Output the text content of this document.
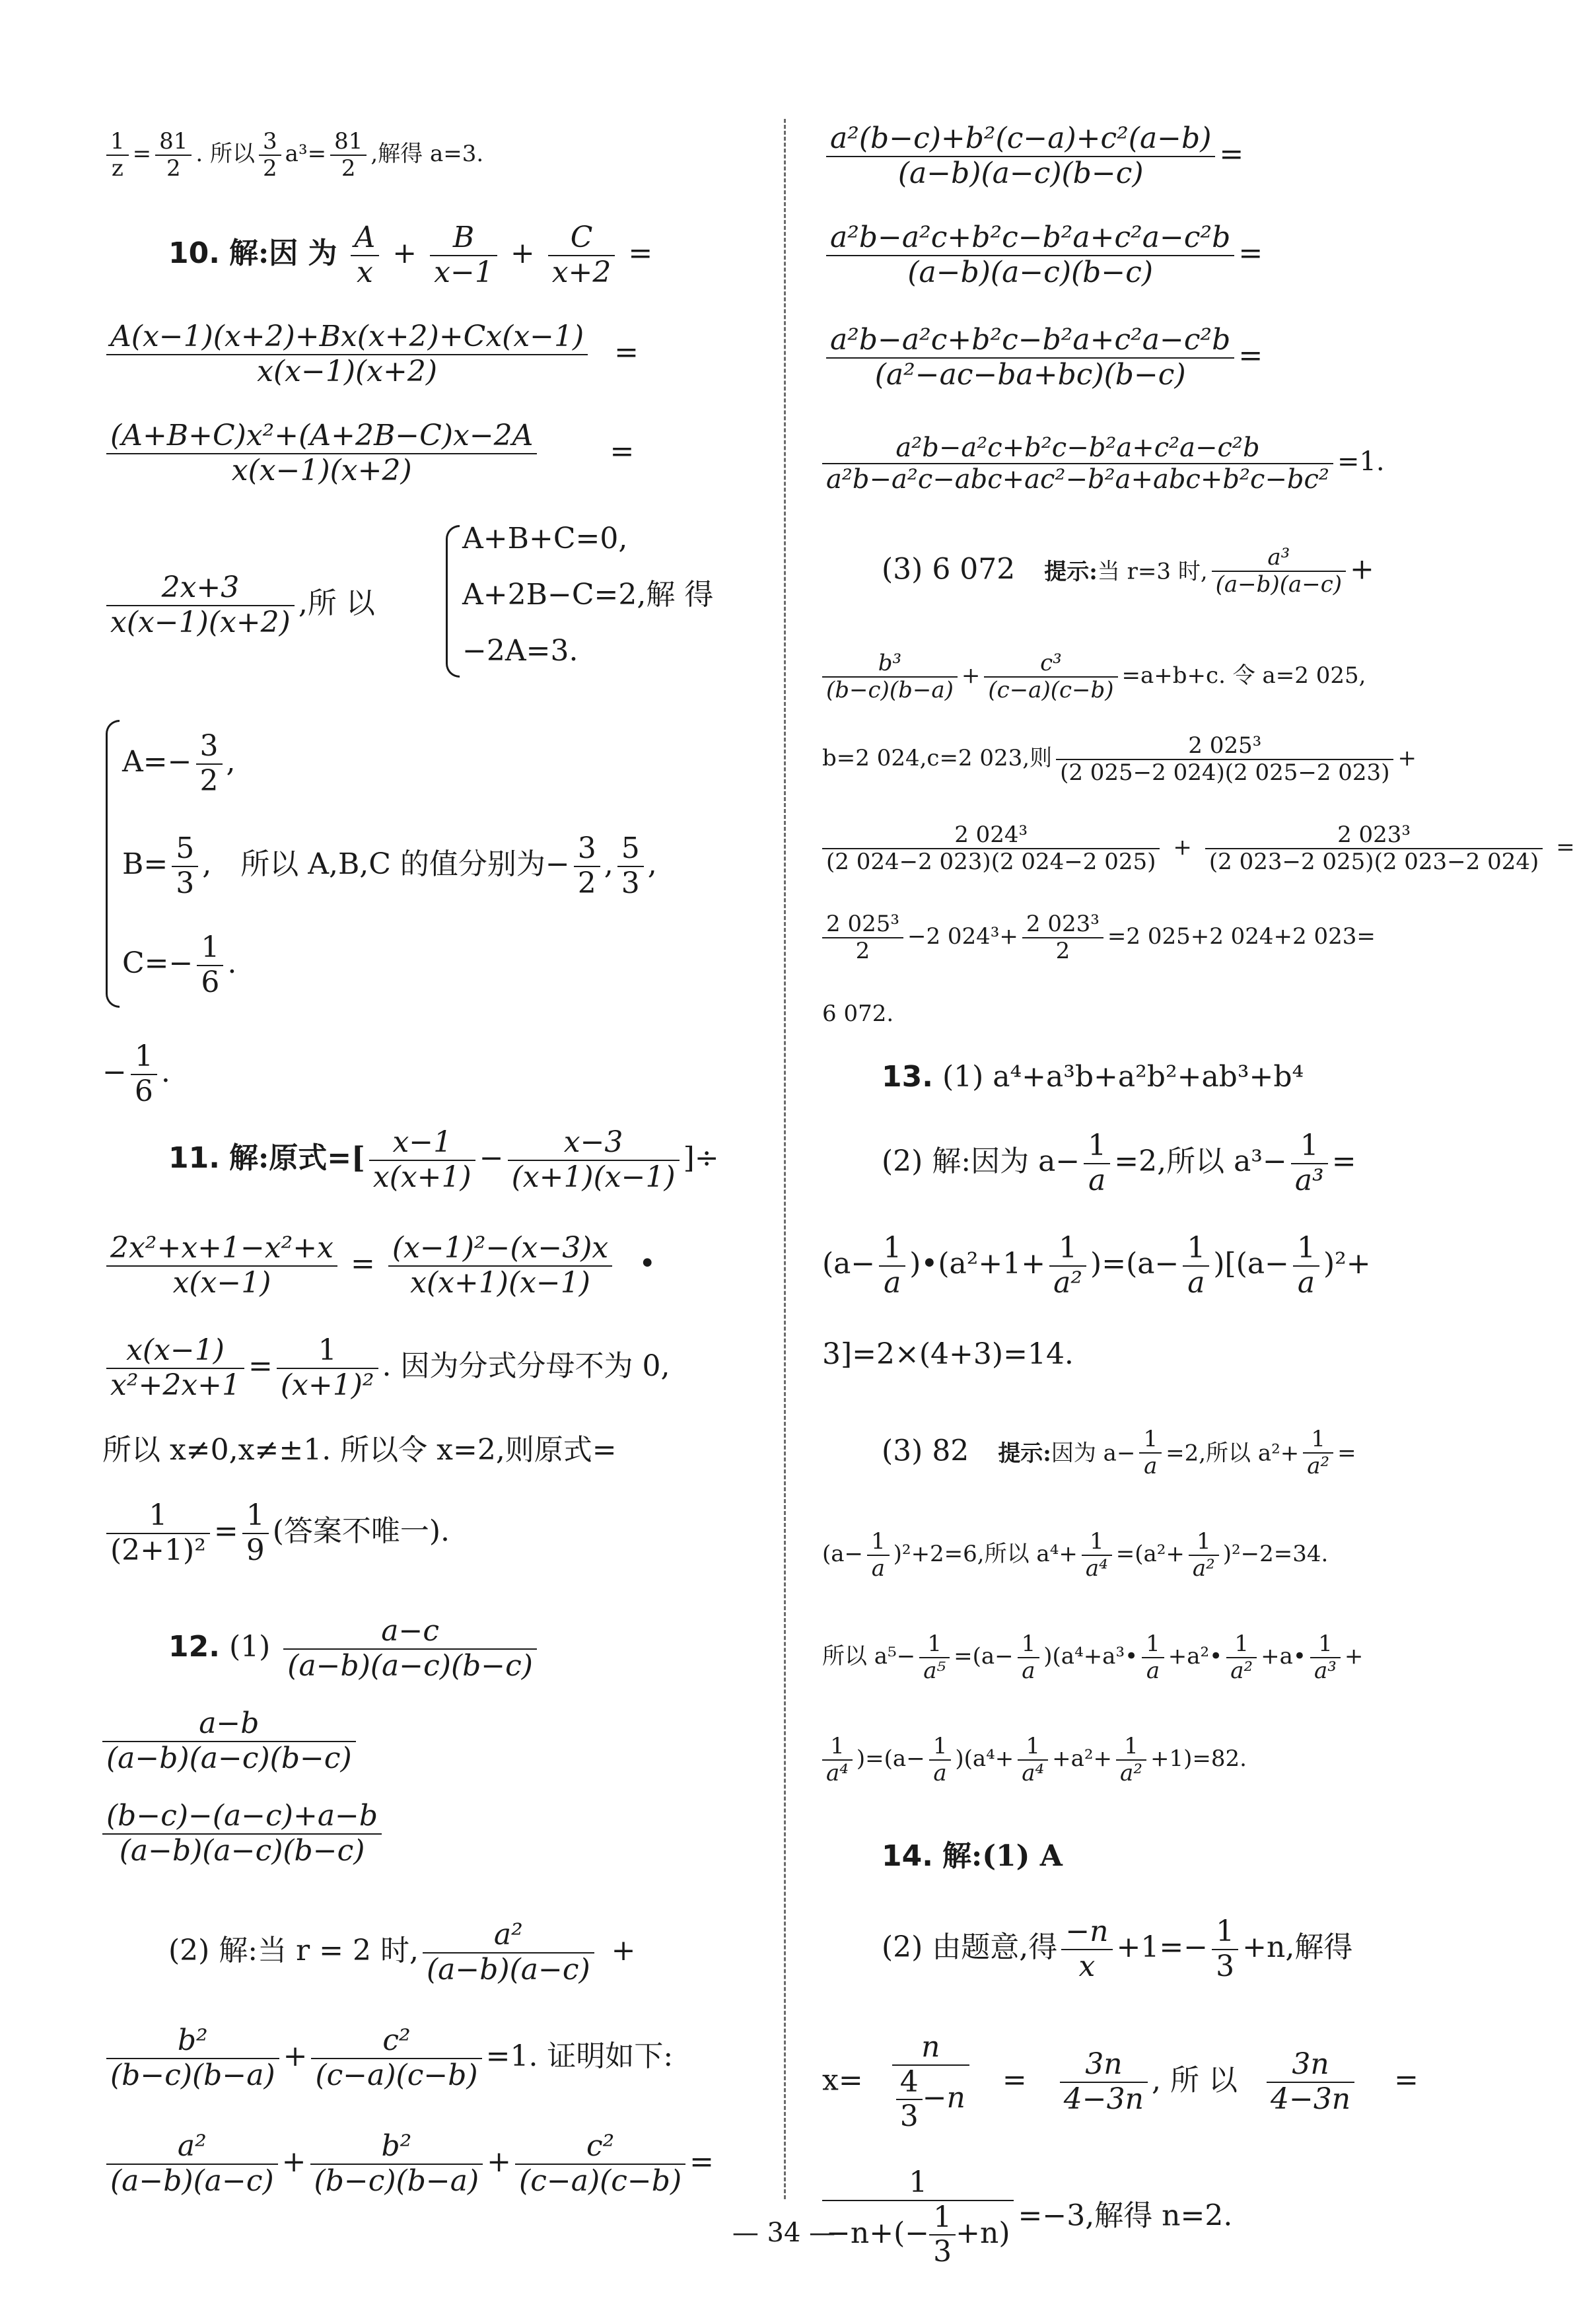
$\frac{1}{z} = \frac{81}{2}$ . 所以 $\frac{3}{2} a^3= \frac{81}{2}$ ,解得 a=3.
10. 解:因 为 $\frac{A}{x} + \frac{B}{x-1} + \frac{C}{x+2}$ =
$\frac{A(x-1)(x+2)+Bx(x+2)+Cx(x-1)}{x(x-1)(x+2)}$ =
$\frac{\text{(A+B+C)x²+(A+2B−C)x−2A}}{x(x-1)(x+2)}$	=
$\frac{2x+3}{x(x-1)(x+2)}$ ,所 以
A+B+C=0,
A+2B−C=2,解 得
−2A=3.
$A=- \frac{3}{2}$ ,
$B= \frac{5}{3}$ , 所以 A,B,C 的值分别为− $\frac{3}{2}$ , $\frac{5}{3}$ ,
$C=- \frac{1}{6}$ .
− $\frac{1}{6}$ .
11. 解:原式=[ $\frac{x-1}{x(x+1)} - \frac{x-3}{(x+1)(x-1)}$ ]÷
$\frac{\text{2x²+x+1−x²+x}}{x(x-1)} = \frac{\text{(x−1)²−(x−3)x}}{x(x+1)(x-1)}$ •
$\frac{x(x-1)}{\text{x²+2x+1}} = \frac{1}{\text{(x+1)²}}$ . 因为分式分母不为 0,
所以 x≠0,x≠±1. 所以令 x=2,则原式=
$\frac{1}{\text{(2+1)²}} = \frac{1}{9}$ (答案不唯一).
12. $(1) \frac{a-c}{(a-b)(a-c)(b-c)}$
$\frac{a-b}{(a-b)(a-c)(b-c)}$
$\frac{(b-c)-(a-c)+a-b}{(a-b)(a-c)(b-c)}$
(2) 解:当 r = 2 时, $\frac{\text{a²}}{(a-b)(a-c)}$ +
$\frac{\text{b²}}{(b-c)(b-a)} + \frac{\text{c²}}{(c-a)(c-b)} =1$. 证明如下:
$\frac{\text{a²}}{(a-b)(a-c)} + \frac{\text{b²}}{(b-c)(b-a)} + \frac{\text{c²}}{(c-a)(c-b)}$ =
$\frac{\text{a²(b−c)+b²(c−a)+c²(a−b)}}{(a-b)(a-c)(b-c)}$ =
$\frac{\text{a²b−a²c+b²c−b²a+c²a−c²b}}{(a-b)(a-c)(b-c)}$ =
$\frac{\text{a²b−a²c+b²c−b²a+c²a−c²b}}{\text{(a²−ac−ba+bc)(b−c)}}$ =
$\frac{\text{a²b−a²c+b²c−b²a+c²a−c²b}}{\text{a²b−a²c−abc+ac²−b²a+abc+b²c−bc²}} =1$.
(3) 6 072 提示:当 r=3 时, $\frac{\text{a³}}{(a-b)(a-c)}$ +
$\frac{\text{b³}}{(b-c)(b-a)} + \frac{\text{c³}}{(c-a)(c-b)} =a+b+c$. 令 a=2 025,
b=2 024,c=2 023,则 $\frac{\text{2 025³}}{(2 025-2 024)(2 025-2 023)}$ +
$\frac{\text{2 024³}}{(2 024-2 023)(2 024-2 025)} + \frac{\text{2 023³}}{(2 023-2 025)(2 023-2 024)}$ =
$\frac{\text{2 025³}}{2} -2$ $024^3+ \frac{\text{2 023³}}{2} =2$ 025+2 024+2 023=
6 072.
13. (1) a⁴+a³b+a²b²+ab³+b⁴
(2) 解:因为 $a- \frac{1}{a} =2$,所以 $a^3- \frac{1}{\text{a³}}$ =
($a- \frac{1}{a}$ )•(a²+1+ $\frac{1}{\text{a²}} )=(a- \frac{1}{a} )[(a- \frac{1}{a} )^2+$
3]=2×(4+3)=14.
(3) 82 提示:因为 $a- \frac{1}{a} =2$,所以 $a^2+ \frac{1}{\text{a²}}$ =
$(a- \frac{1}{a} )^2+2=6$,所以 $a^4+ \frac{1}{\text{a⁴}} =(a^2+ \frac{1}{\text{a²}} )^2-2=34$.
所以 $a^5- \frac{1}{\text{a⁵}} =(a- \frac{1}{a}$ )(a⁴+a³• $\frac{1}{a}$ +a²• $\frac{1}{\text{a²}}$ +a• $\frac{1}{\text{a³}}$ +
$\frac{1}{\text{a⁴}} )=(a- \frac{1}{a} )(a^4+ \frac{1}{\text{a⁴}} +a^2+ \frac{1}{\text{a²}} +1)=82$.
14. 解:(1) A
(2) 由题意,得 $\frac{-n}{x} +1=- \frac{1}{3} +n$,解得
$x= \frac{n}{\frac{4}{3} -n} = \frac{3n}{4-3n}$ , 所 以 $\frac{3n}{4-3n}$ =
$\frac{1}{-n+(- \frac{1}{3} +n)} =-3$,解得 n=2.
— 34 —
